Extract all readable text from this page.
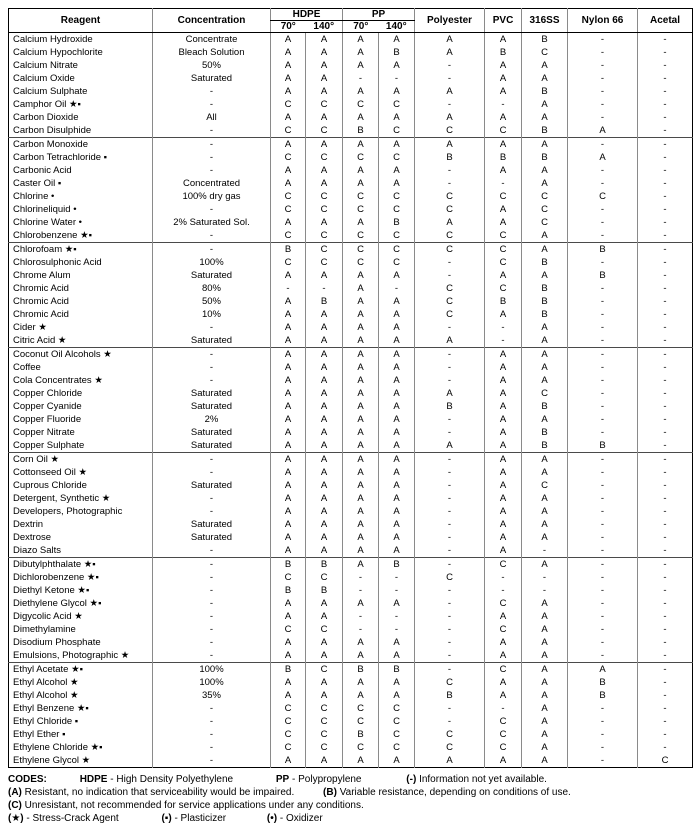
Reagent	Concentration	HDPE		PP		Polyester	PVC	316SS	Nylon 66	Acetal
		70°	140°	70°	140°					
Calcium Hydroxide	Concentrate	A	A	A	A	A	A	B	-	-
Calcium Hypochlorite	Bleach Solution	A	A	A	B	A	B	C	-	-
Calcium Nitrate	50%	A	A	A	A	-	A	A	-	-
Calcium Oxide	Saturated	A	A	-	-	-	A	A	-	-
Calcium Sulphate	-	A	A	A	A	A	A	B	-	-
Camphor Oil ★▪	-	C	C	C	C	-	-	A	-	-
Carbon Dioxide	All	A	A	A	A	A	A	A	-	-
Carbon Disulphide	-	C	C	B	C	C	C	B	A	-
Carbon Monoxide	-	A	A	A	A	A	A	A	-	-
Carbon Tetrachloride ▪	-	C	C	C	C	B	B	B	A	-
Carbonic Acid	-	A	A	A	A	-	A	A	-	-
Caster Oil ▪	Concentrated	A	A	A	A	-	-	A	-	-
Chlorine •	100% dry gas	C	C	C	C	C	C	C	C	-
Chlorineliquid •	-	C	C	C	C	C	A	C	-	-
Chlorine Water •	2% Saturated Sol.	A	A	A	B	A	A	C	-	-
Chlorobenzene ★▪	-	C	C	C	C	C	C	A	-	-
Chlorofoam ★▪	-	B	C	C	C	C	C	A	B	-
Chlorosulphonic Acid	100%	C	C	C	C	-	C	B	-	-
Chrome Alum	Saturated	A	A	A	A	-	A	A	B	-
Chromic Acid	80%	-	-	A	-	C	C	B	-	-
Chromic Acid	50%	A	B	A	A	C	B	B	-	-
Chromic Acid	10%	A	A	A	A	C	A	B	-	-
Cider ★	-	A	A	A	A	-	-	A	-	-
Citric Acid ★	Saturated	A	A	A	A	A	-	A	-	-
Coconut Oil Alcohols ★	-	A	A	A	A	-	A	A	-	-
Coffee	-	A	A	A	A	-	A	A	-	-
Cola Concentrates ★	-	A	A	A	A	-	A	A	-	-
Copper Chloride	Saturated	A	A	A	A	A	A	C	-	-
Copper Cyanide	Saturated	A	A	A	A	B	A	B	-	-
Copper Fluoride	2%	A	A	A	A	-	A	A	-	-
Copper Nitrate	Saturated	A	A	A	A	-	A	B	-	-
Copper Sulphate	Saturated	A	A	A	A	A	A	B	B	-
Corn Oil ★	-	A	A	A	A	-	A	A	-	-
Cottonseed Oil ★	-	A	A	A	A	-	A	A	-	-
Cuprous Chloride	Saturated	A	A	A	A	-	A	C	-	-
Detergent, Synthetic ★	-	A	A	A	A	-	A	A	-	-
Developers, Photographic	-	A	A	A	A	-	A	A	-	-
Dextrin	Saturated	A	A	A	A	-	A	A	-	-
Dextrose	Saturated	A	A	A	A	-	A	A	-	-
Diazo Salts	-	A	A	A	A	-	A	-	-	-
Dibutylphthalate ★▪	-	B	B	A	B	-	C	A	-	-
Dichlorobenzene ★▪	-	C	C	-	-	C	-	-	-	-
Diethyl Ketone ★▪	-	B	B	-	-	-	-	-	-	-
Diethylene Glycol ★▪	-	A	A	A	A	-	C	A	-	-
Digycolic Acid ★	-	A	A	-	-	-	A	A	-	-
Dimethylamine	-	C	C	-	-	-	C	A	-	-
Disodium Phosphate	-	A	A	A	A	-	A	A	-	-
Emulsions, Photographic ★	-	A	A	A	A	-	A	A	-	-
Ethyl Acetate ★▪	100%	B	C	B	B	-	C	A	A	-
Ethyl Alcohol ★	100%	A	A	A	A	C	A	A	B	-
Ethyl Alcohol ★	35%	A	A	A	A	B	A	A	B	-
Ethyl Benzene ★▪	-	C	C	C	C	-	-	A	-	-
Ethyl Chloride ▪	-	C	C	C	C	-	C	A	-	-
Ethyl Ether ▪	-	C	C	B	C	C	C	A	-	-
Ethylene Chloride ★▪	-	C	C	C	C	C	C	A	-	-
Ethylene Glycol ★	-	A	A	A	A	A	A	A	-	C
CODES:	HDPE - High Density Polyethylene	PP - Polypropylene	(-) Information not yet available.
(A) Resistant, no indication that serviceability would be impaired.	(B) Variable resistance, depending on conditions of use.
(C) Unresistant, not recommended for service applications under any conditions.
(★) - Stress-Crack Agent	(▪) - Plasticizer	(•) - Oxidizer
